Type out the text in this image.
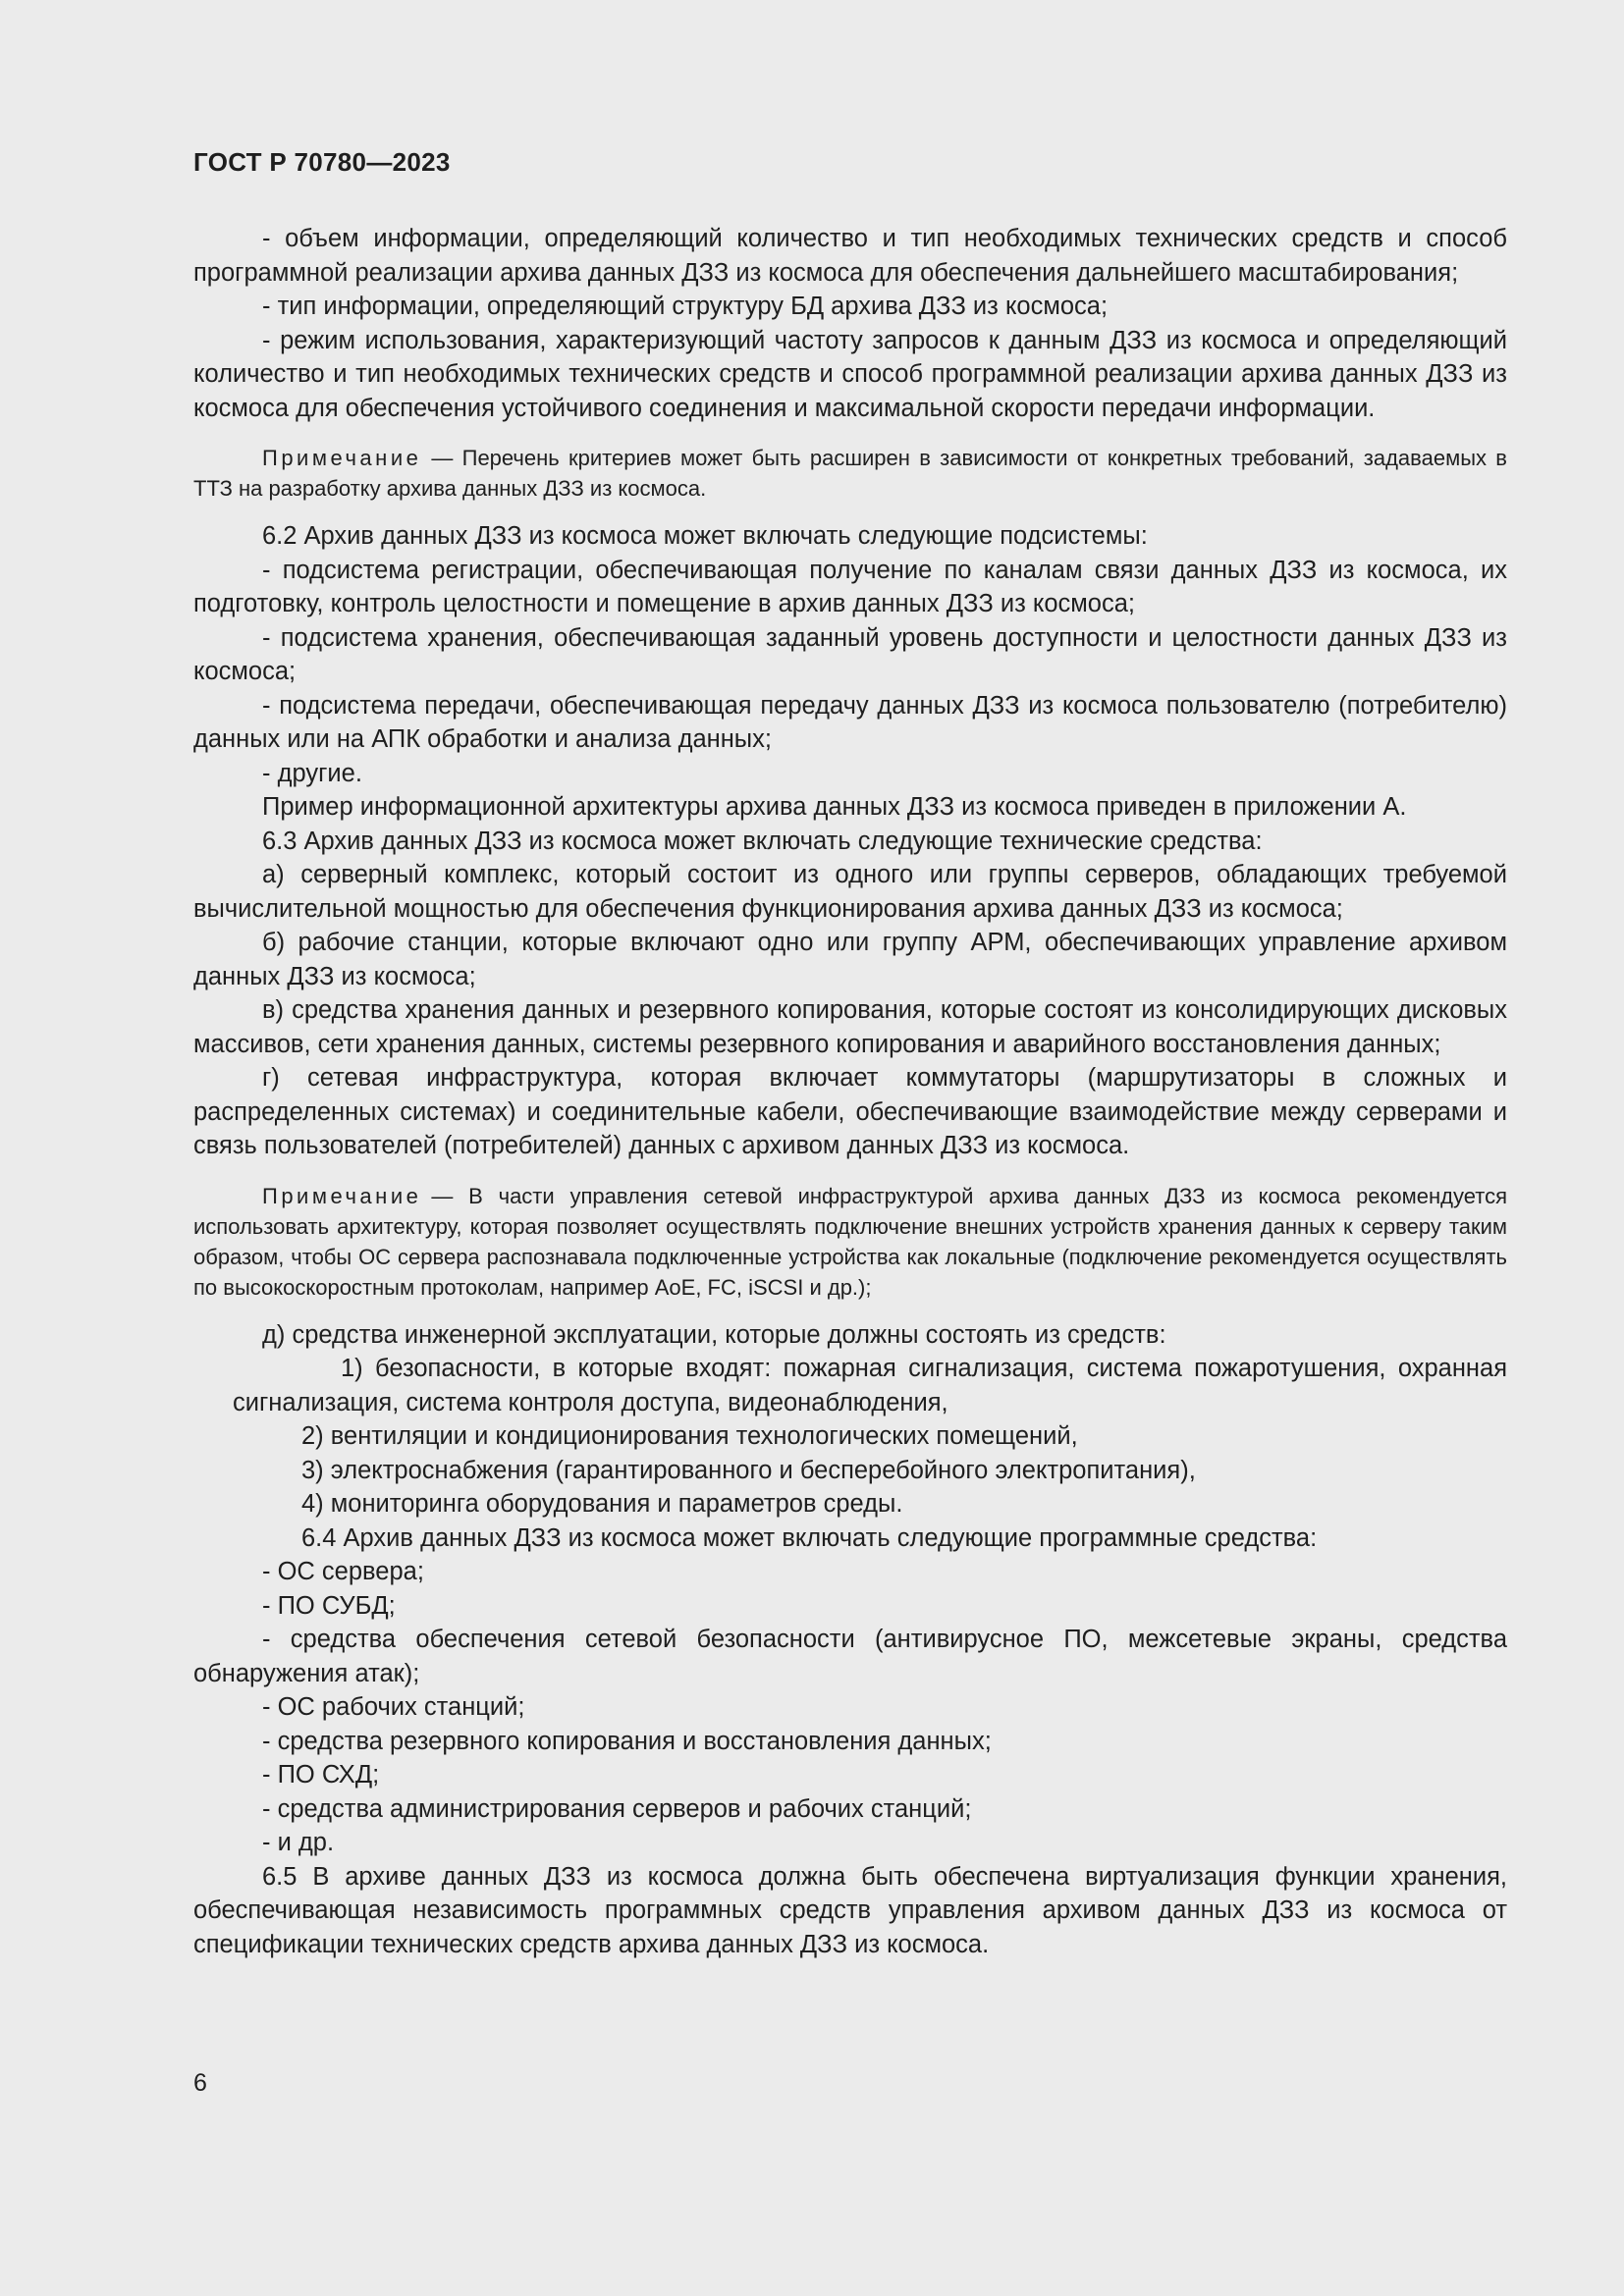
ГОСТ Р 70780—2023

- объем информации, определяющий количество и тип необходимых технических средств и способ программной реализации архива данных ДЗЗ из космоса для обеспечения дальнейшего масштабирования;

- тип информации, определяющий структуру БД архива ДЗЗ из космоса;

- режим использования, характеризующий частоту запросов к данным ДЗЗ из космоса и определяющий количество и тип необходимых технических средств и способ программной реализации архива данных ДЗЗ из космоса для обеспечения устойчивого соединения и максимальной скорости передачи информации.

Примечание — Перечень критериев может быть расширен в зависимости от конкретных требований, задаваемых в ТТЗ на разработку архива данных ДЗЗ из космоса.

6.2 Архив данных ДЗЗ из космоса может включать следующие подсистемы:

- подсистема регистрации, обеспечивающая получение по каналам связи данных ДЗЗ из космоса, их подготовку, контроль целостности и помещение в архив данных ДЗЗ из космоса;

- подсистема хранения, обеспечивающая заданный уровень доступности и целостности данных ДЗЗ из космоса;

- подсистема передачи, обеспечивающая передачу данных ДЗЗ из космоса пользователю (потребителю) данных или на АПК обработки и анализа данных;

- другие.

Пример информационной архитектуры архива данных ДЗЗ из космоса приведен в приложении А.

6.3 Архив данных ДЗЗ из космоса может включать следующие технические средства:

а) серверный комплекс, который состоит из одного или группы серверов, обладающих требуемой вычислительной мощностью для обеспечения функционирования архива данных ДЗЗ из космоса;

б) рабочие станции, которые включают одно или группу АРМ, обеспечивающих управление архивом данных ДЗЗ из космоса;

в) средства хранения данных и резервного копирования, которые состоят из консолидирующих дисковых массивов, сети хранения данных, системы резервного копирования и аварийного восстановления данных;

г) сетевая инфраструктура, которая включает коммутаторы (маршрутизаторы в сложных и распределенных системах) и соединительные кабели, обеспечивающие взаимодействие между серверами и связь пользователей (потребителей) данных с архивом данных ДЗЗ из космоса.

Примечание — В части управления сетевой инфраструктурой архива данных ДЗЗ из космоса рекомендуется использовать архитектуру, которая позволяет осуществлять подключение внешних устройств хранения данных к серверу таким образом, чтобы ОС сервера распознавала подключенные устройства как локальные (подключение рекомендуется осуществлять по высокоскоростным протоколам, например AoE, FC, iSCSI и др.);

д) средства инженерной эксплуатации, которые должны состоять из средств:

1) безопасности, в которые входят: пожарная сигнализация, система пожаротушения, охранная сигнализация, система контроля доступа, видеонаблюдения,

2) вентиляции и кондиционирования технологических помещений,

3) электроснабжения (гарантированного и бесперебойного электропитания),

4) мониторинга оборудования и параметров среды.

6.4 Архив данных ДЗЗ из космоса может включать следующие программные средства:

- ОС сервера;

- ПО СУБД;

- средства обеспечения сетевой безопасности (антивирусное ПО, межсетевые экраны, средства обнаружения атак);

- ОС рабочих станций;

- средства резервного копирования и восстановления данных;

- ПО СХД;

- средства администрирования серверов и рабочих станций;

- и др.

6.5 В архиве данных ДЗЗ из космоса должна быть обеспечена виртуализация функции хранения, обеспечивающая независимость программных средств управления архивом данных ДЗЗ из космоса от спецификации технических средств архива данных ДЗЗ из космоса.

6
